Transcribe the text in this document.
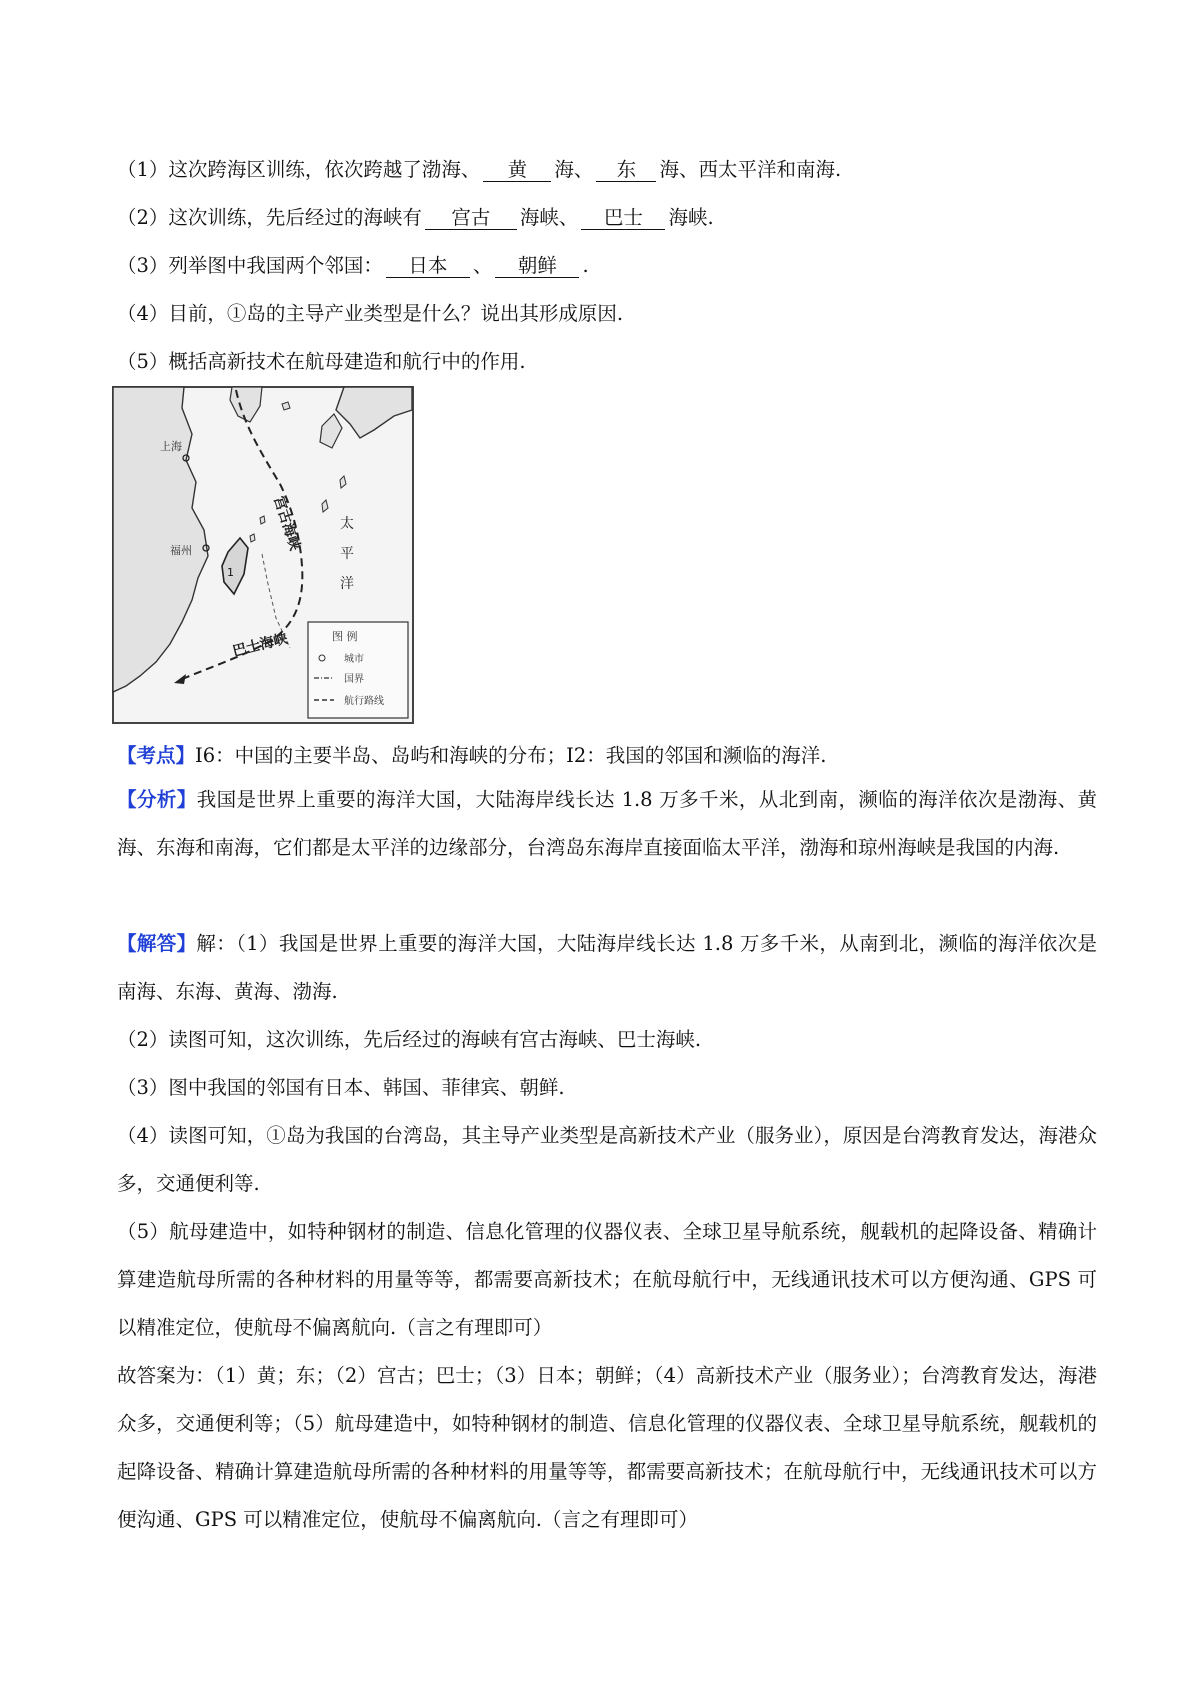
（1）这次跨海区训练，依次跨越了渤海、 黄 海、 东 海、西太平洋和南海.
（2）这次训练，先后经过的海峡有 宫古 海峡、 巴士 海峡.
（3）列举图中我国两个邻国： 日本 、 朝鲜 .
（4）目前，①岛的主导产业类型是什么？说出其形成原因.
（5）概括高新技术在航母建造和航行中的作用.
上海
福州
1
宫古海峡
巴士海峡
太
平
洋
图 例
城市
国界
航行路线
【考点】I6：中国的主要半岛、岛屿和海峡的分布；I2：我国的邻国和濒临的海洋.
【分析】我国是世界上重要的海洋大国，大陆海岸线长达 1.8 万多千米，从北到南，濒临的海洋依次是渤海、黄海、东海和南海，它们都是太平洋的边缘部分，台湾岛东海岸直接面临太平洋，渤海和琼州海峡是我国的内海.
【解答】解：（1）我国是世界上重要的海洋大国，大陆海岸线长达 1.8 万多千米，从南到北，濒临的海洋依次是南海、东海、黄海、渤海.
（2）读图可知，这次训练，先后经过的海峡有宫古海峡、巴士海峡.
（3）图中我国的邻国有日本、韩国、菲律宾、朝鲜.
（4）读图可知，①岛为我国的台湾岛，其主导产业类型是高新技术产业（服务业），原因是台湾教育发达，海港众多，交通便利等.
（5）航母建造中，如特种钢材的制造、信息化管理的仪器仪表、全球卫星导航系统，舰载机的起降设备、精确计算建造航母所需的各种材料的用量等等，都需要高新技术；在航母航行中，无线通讯技术可以方便沟通、GPS 可以精准定位，使航母不偏离航向.（言之有理即可）
故答案为：（1）黄；东；（2）宫古；巴士；（3）日本；朝鲜；（4）高新技术产业（服务业）；台湾教育发达，海港众多，交通便利等；（5）航母建造中，如特种钢材的制造、信息化管理的仪器仪表、全球卫星导航系统，舰载机的起降设备、精确计算建造航母所需的各种材料的用量等等，都需要高新技术；在航母航行中，无线通讯技术可以方便沟通、GPS 可以精准定位，使航母不偏离航向.（言之有理即可）
